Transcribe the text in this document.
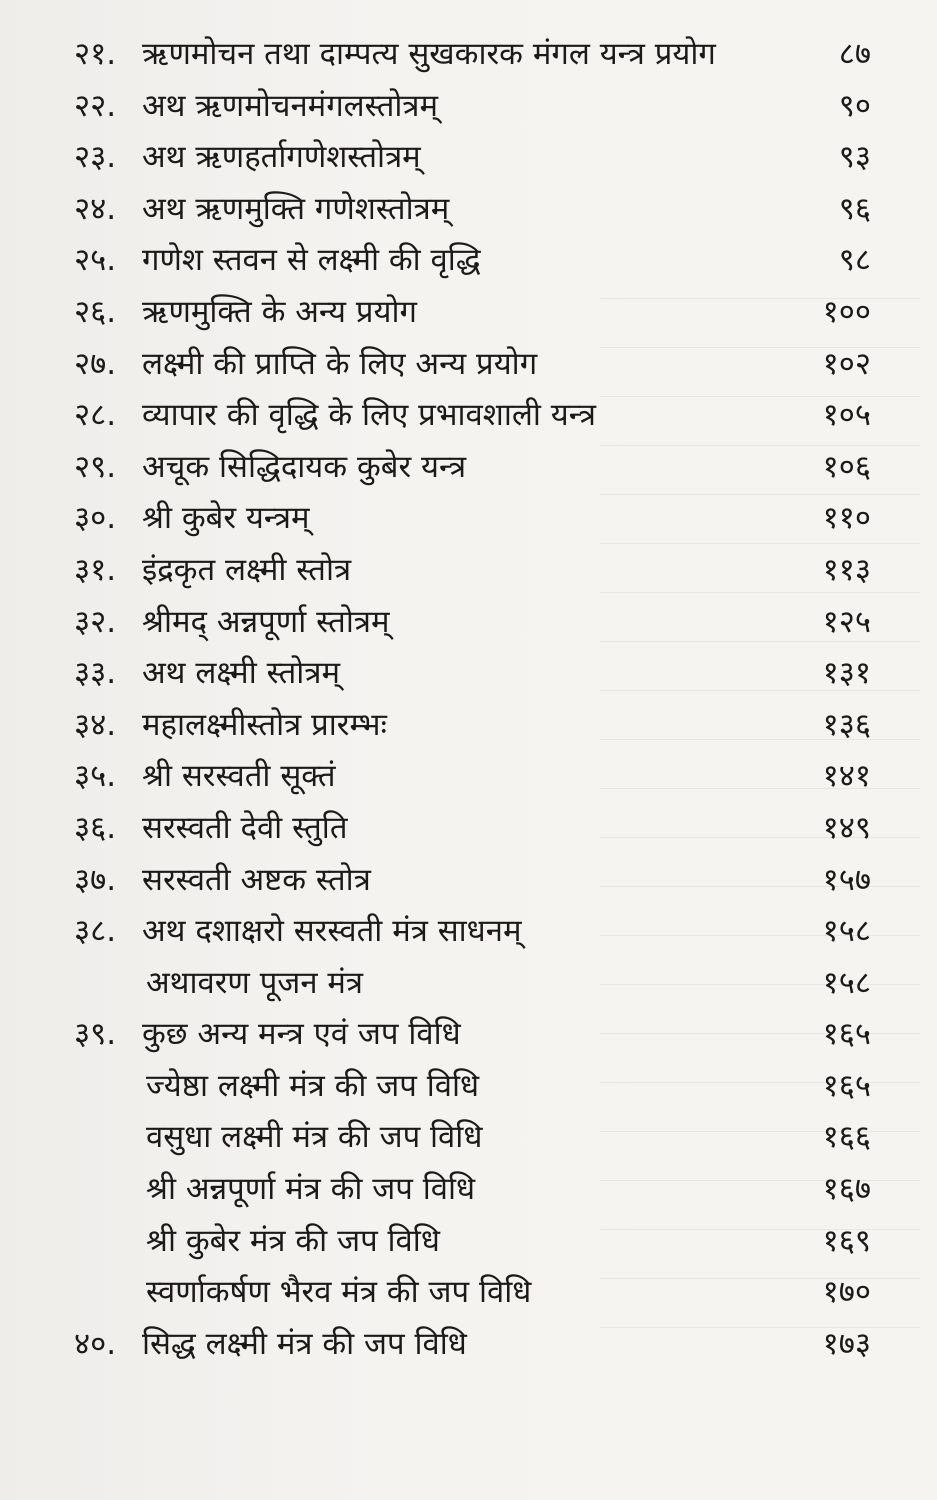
२१. ऋणमोचन तथा दाम्पत्य सुखकारक मंगल यन्त्र प्रयोग	८७
२२. अथ ऋणमोचनमंगलस्तोत्रम्	९०
२३. अथ ऋणहर्तागणेशस्तोत्रम्	९३
२४. अथ ऋणमुक्ति गणेशस्तोत्रम्	९६
२५. गणेश स्तवन से लक्ष्मी की वृद्धि	९८
२६. ऋणमुक्ति के अन्य प्रयोग	१००
२७. लक्ष्मी की प्राप्ति के लिए अन्य प्रयोग	१०२
२८. व्यापार की वृद्धि के लिए प्रभावशाली यन्त्र	१०५
२९. अचूक सिद्धिदायक कुबेर यन्त्र	१०६
३०. श्री कुबेर यन्त्रम्	११०
३१. इंद्रकृत लक्ष्मी स्तोत्र	११३
३२. श्रीमद् अन्नपूर्णा स्तोत्रम्	१२५
३३. अथ लक्ष्मी स्तोत्रम्	१३१
३४. महालक्ष्मीस्तोत्र प्रारम्भः	१३६
३५. श्री सरस्वती सूक्तं	१४१
३६. सरस्वती देवी स्तुति	१४९
३७. सरस्वती अष्टक स्तोत्र	१५७
३८. अथ दशाक्षरो सरस्वती मंत्र साधनम्	१५८
अथावरण पूजन मंत्र	१५८
३९. कुछ अन्य मन्त्र एवं जप विधि	१६५
ज्येष्ठा लक्ष्मी मंत्र की जप विधि	१६५
वसुधा लक्ष्मी मंत्र की जप विधि	१६६
श्री अन्नपूर्णा मंत्र की जप विधि	१६७
श्री कुबेर मंत्र की जप विधि	१६९
स्वर्णाकर्षण भैरव मंत्र की जप विधि	१७०
४०. सिद्ध लक्ष्मी मंत्र की जप विधि	१७३
